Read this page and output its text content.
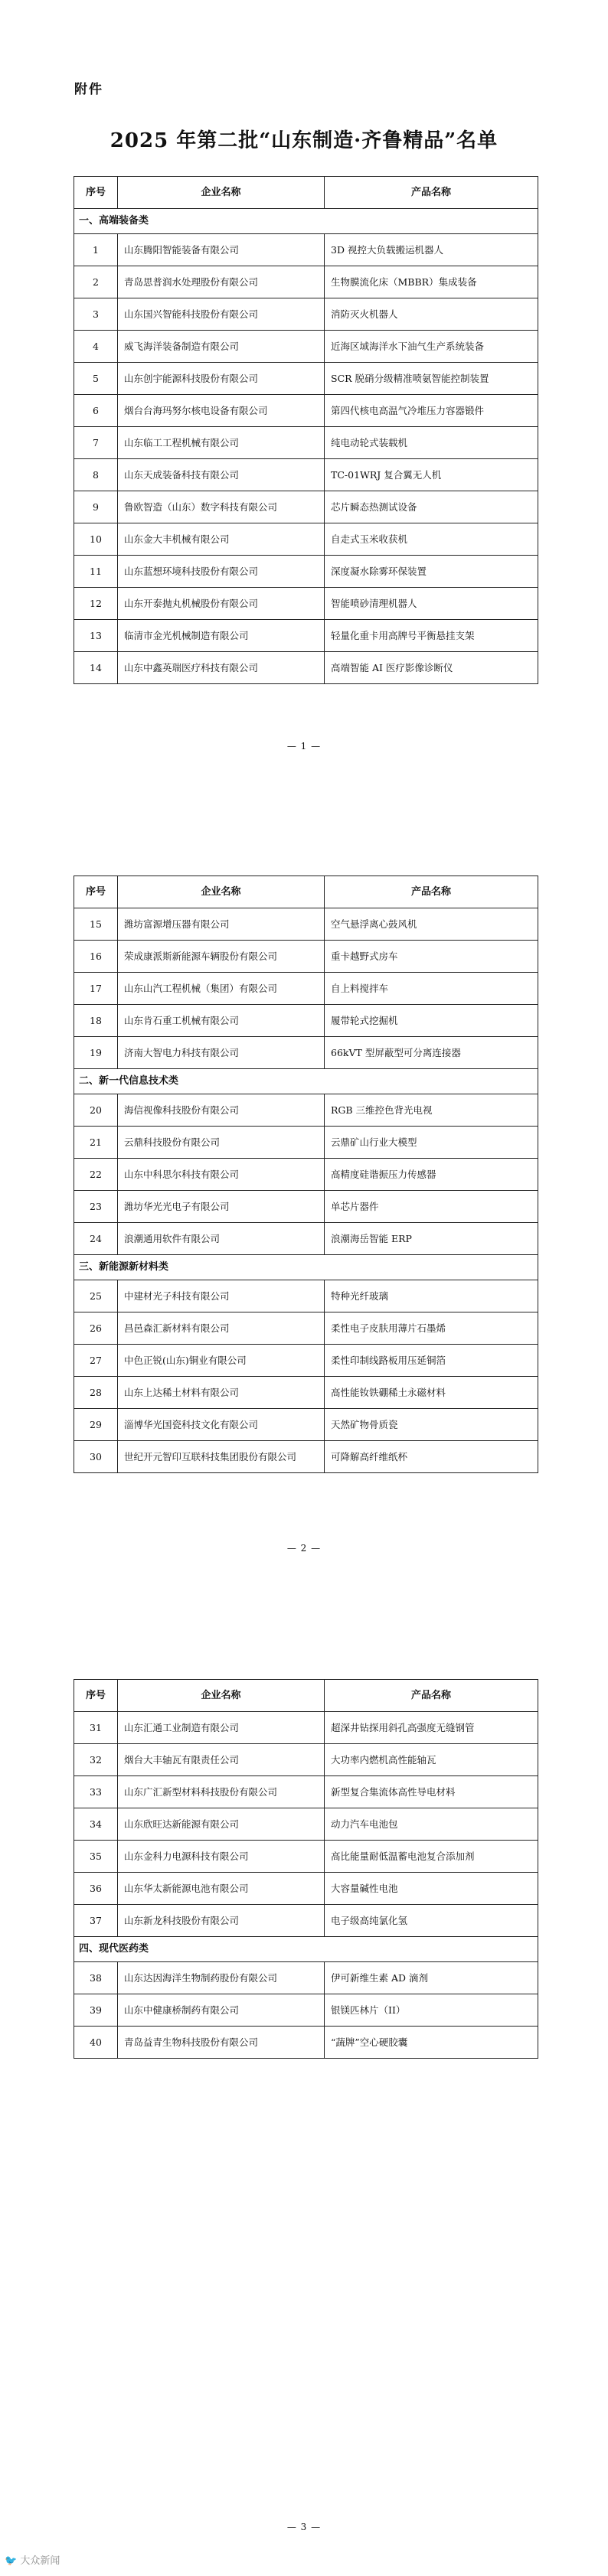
附件
2025 年第二批“山东制造·齐鲁精品”名单
序号	企业名称	产品名称
一、高端装备类		
1	山东腾阳智能装备有限公司	3D 视控大负载搬运机器人
2	青岛思普润水处理股份有限公司	生物膜流化床（MBBR）集成装备
3	山东国兴智能科技股份有限公司	消防灭火机器人
4	威飞海洋装备制造有限公司	近海区域海洋水下油气生产系统装备
5	山东创宇能源科技股份有限公司	SCR 脱硝分级精准喷氨智能控制装置
6	烟台台海玛努尔核电设备有限公司	第四代核电高温气冷堆压力容器锻件
7	山东临工工程机械有限公司	纯电动轮式装载机
8	山东天成装备科技有限公司	TC-01WRJ 复合翼无人机
9	鲁欧智造（山东）数字科技有限公司	芯片瞬态热测试设备
10	山东金大丰机械有限公司	自走式玉米收获机
11	山东蓝想环境科技股份有限公司	深度凝水除雾环保装置
12	山东开泰抛丸机械股份有限公司	智能喷砂清理机器人
13	临清市金光机械制造有限公司	轻量化重卡用高牌号平衡悬挂支架
14	山东中鑫英瑞医疗科技有限公司	高端智能 AI 医疗影像诊断仪
— 1 —
序号	企业名称	产品名称
15	潍坊富源增压器有限公司	空气悬浮离心鼓风机
16	荣成康派斯新能源车辆股份有限公司	重卡越野式房车
17	山东山汽工程机械（集团）有限公司	自上料搅拌车
18	山东肯石重工机械有限公司	履带轮式挖掘机
19	济南大智电力科技有限公司	66kVT 型屏蔽型可分离连接器
二、新一代信息技术类		
20	海信视像科技股份有限公司	RGB 三维控色背光电视
21	云鼎科技股份有限公司	云鼎矿山行业大模型
22	山东中科思尔科技有限公司	高精度硅谐振压力传感器
23	潍坊华光光电子有限公司	单芯片器件
24	浪潮通用软件有限公司	浪潮海岳智能 ERP
三、新能源新材料类		
25	中建材光子科技有限公司	特种光纤玻璃
26	昌邑森汇新材料有限公司	柔性电子皮肤用薄片石墨烯
27	中色正锐(山东)铜业有限公司	柔性印制线路板用压延铜箔
28	山东上达稀土材料有限公司	高性能钕铁硼稀土永磁材料
29	淄博华光国瓷科技文化有限公司	天然矿物骨质瓷
30	世纪开元智印互联科技集团股份有限公司	可降解高纤维纸杯
— 2 —
序号	企业名称	产品名称
31	山东汇通工业制造有限公司	超深井钻探用斜孔高强度无缝钢管
32	烟台大丰轴瓦有限责任公司	大功率内燃机高性能轴瓦
33	山东广汇新型材料科技股份有限公司	新型复合集流体高性导电材料
34	山东欣旺达新能源有限公司	动力汽车电池包
35	山东金科力电源科技有限公司	高比能量耐低温蓄电池复合添加剂
36	山东华太新能源电池有限公司	大容量碱性电池
37	山东新龙科技股份有限公司	电子级高纯氯化氢
四、现代医药类		
38	山东达因海洋生物制药股份有限公司	伊可新维生素 AD 滴剂
39	山东中健康桥制药有限公司	银镁匹林片（II）
40	青岛益青生物科技股份有限公司	“蔬牌”空心硬胶囊
— 3 —
🐦 大众新闻
